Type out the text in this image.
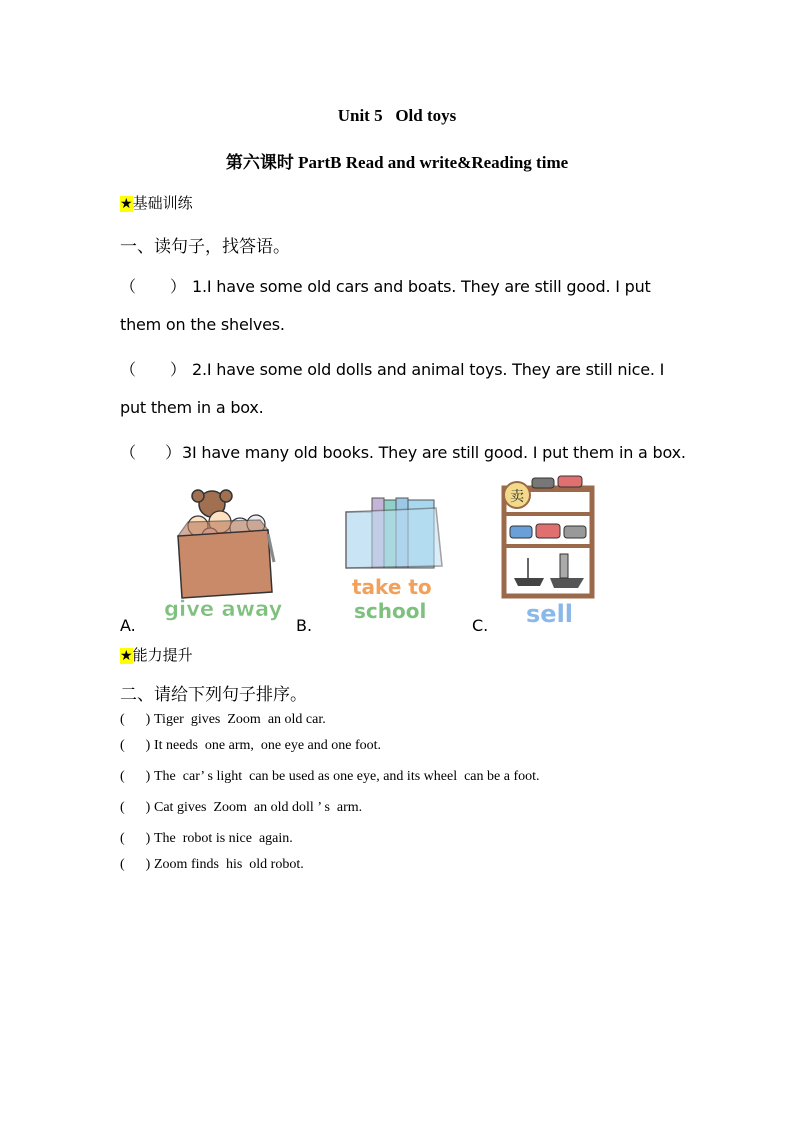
Unit 5   Old toys
第六课时 PartB Read and write&Reading time
★基础训练
一、读句子，找答语。
（       ） 1.I have some old cars and boats. They are still good. I put
them on the shelves.
（       ） 2.I have some old dolls and animal toys. They are still nice. I
put them in a box.
（      ）3I have many old books. They are still good. I put them in a box.
give away
take to
school
卖
sell
A.	B.	C.
★能力提升
二、请给下列句子排序。
(      ) Tiger  gives  Zoom  an old car.
(      ) It needs  one arm,  one eye and one foot.
(      ) The  car’ s light  can be used as one eye, and its wheel  can be a foot.
(      ) Cat gives  Zoom  an old doll ’ s  arm.
(      ) The  robot is nice  again.
(      ) Zoom finds  his  old robot.
